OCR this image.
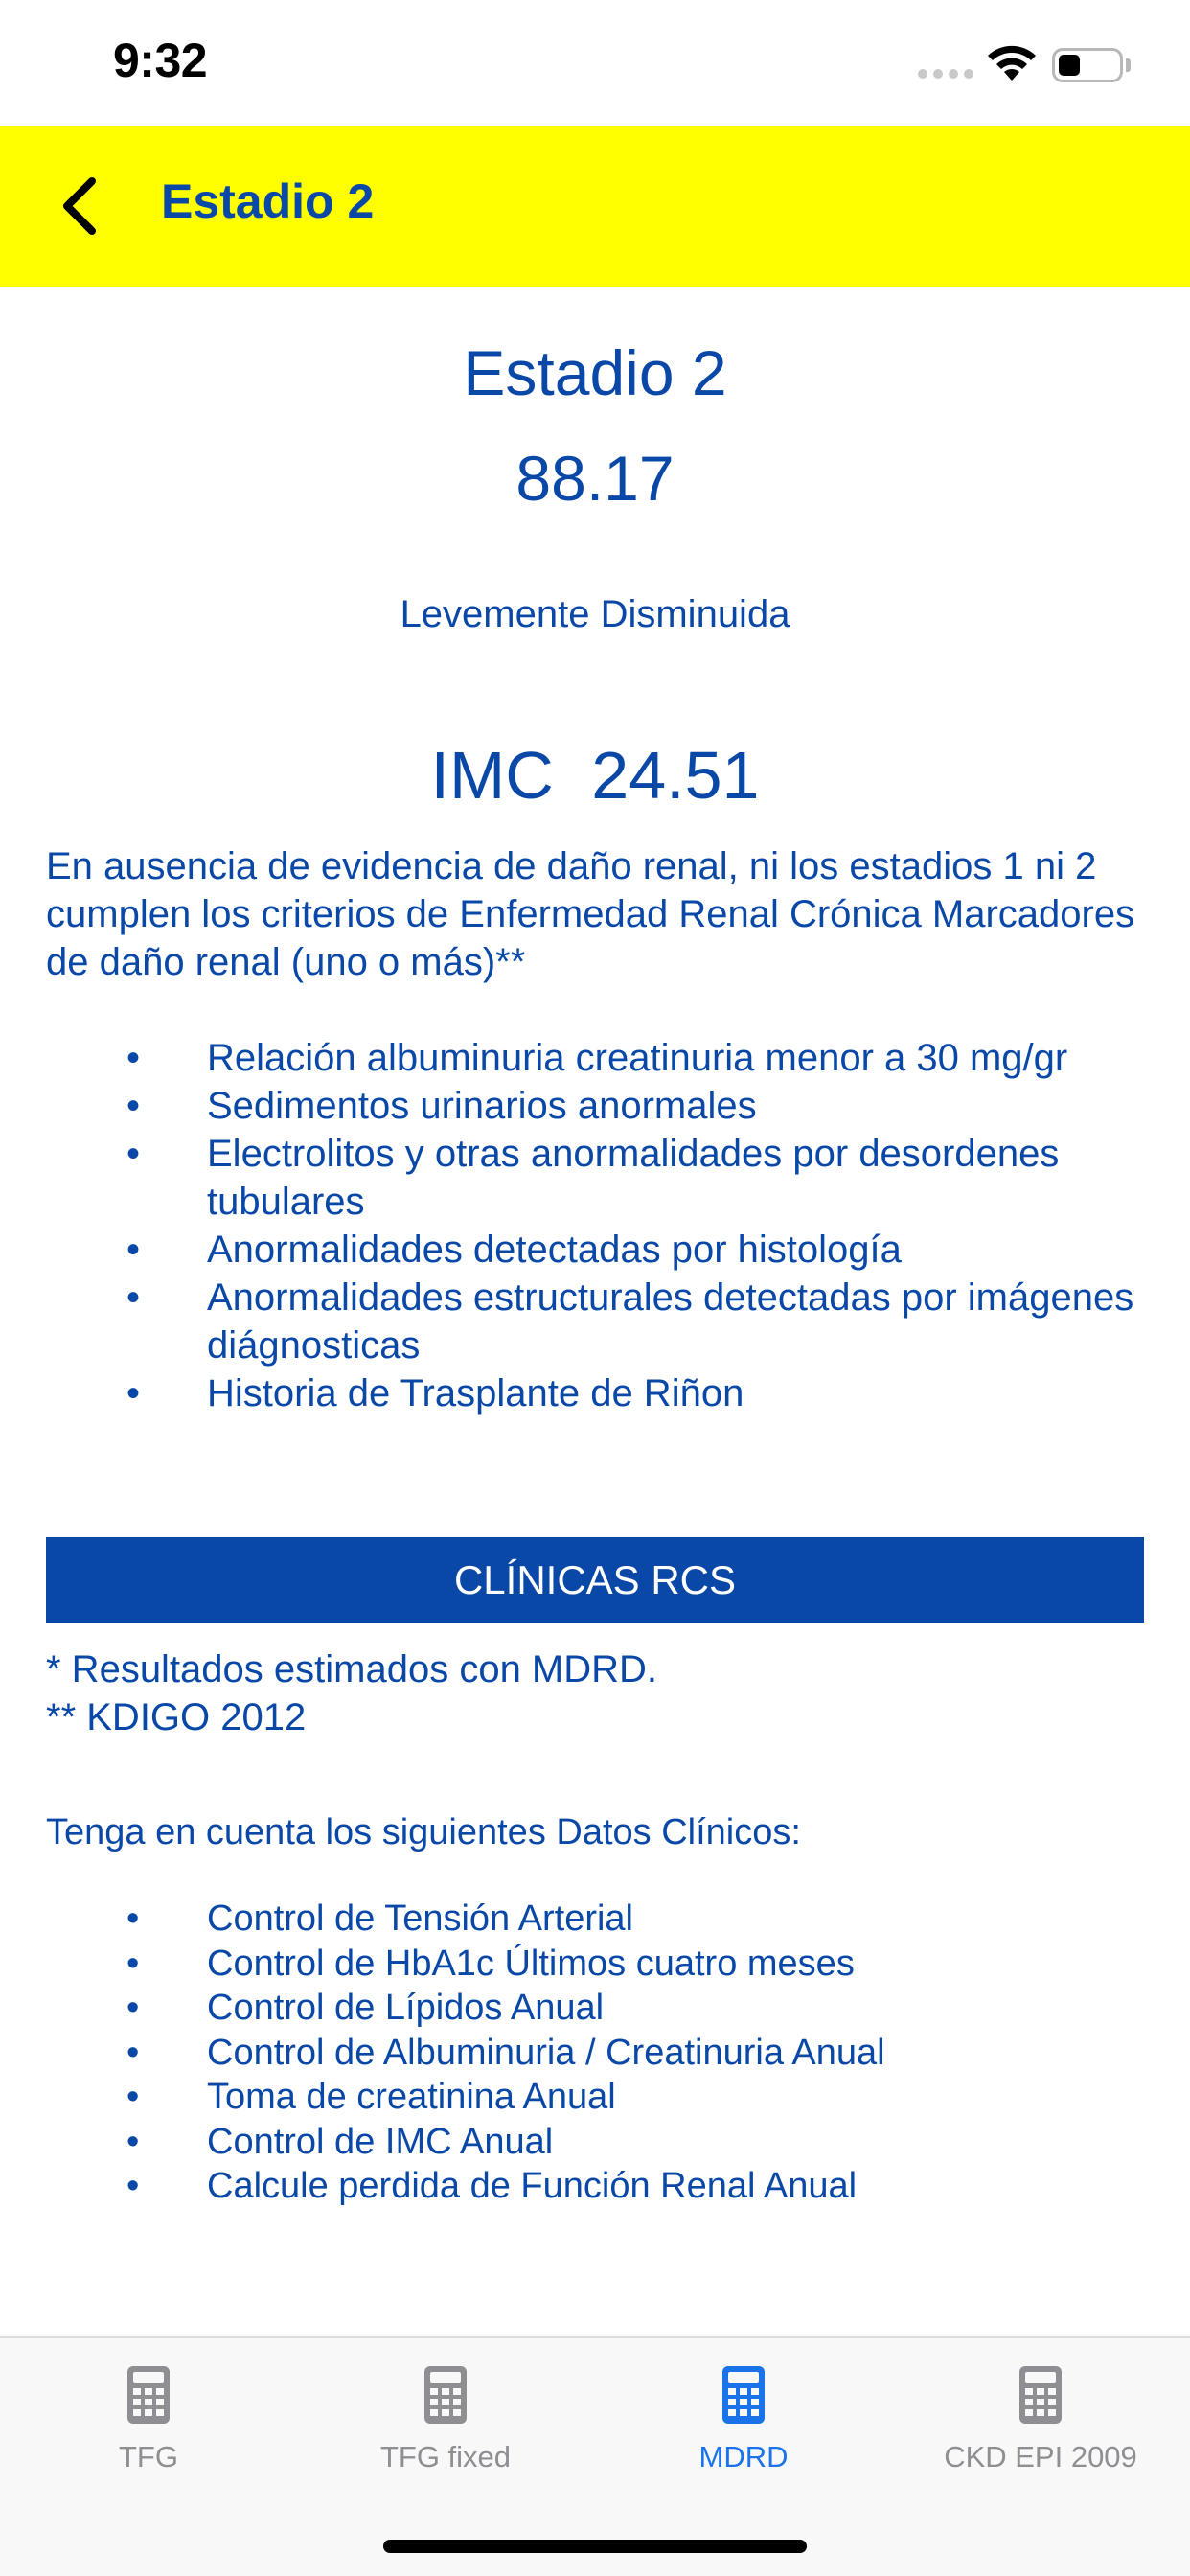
9:32
Estadio 2
Estadio 2
88.17
Levemente Disminuida
IMC 24.51

En ausencia de evidencia de daño renal, ni los estadios 1 ni 2 cumplen los criterios de Enfermedad Renal Crónica Marcadores de daño renal (uno o más)**

• Relación albuminuria creatinuria menor a 30 mg/gr
• Sedimentos urinarios anormales
• Electrolitos y otras anormalidades por desordenes tubulares
• Anormalidades detectadas por histología
• Anormalidades estructurales detectadas por imágenes diágnosticas
• Historia de Trasplante de Riñon
CLÍNICAS RCS
* Resultados estimados con MDRD.
** KDIGO 2012
Tenga en cuenta los siguientes Datos Clínicos:
• Control de Tensión Arterial
• Control de HbA1c Últimos cuatro meses
• Control de Lípidos Anual
• Control de Albuminuria / Creatinuria Anual
• Toma de creatinina Anual
• Control de IMC Anual
• Calcule perdida de Función Renal Anual
TFG	TFG fixed	MDRD	CKD EPI 2009
